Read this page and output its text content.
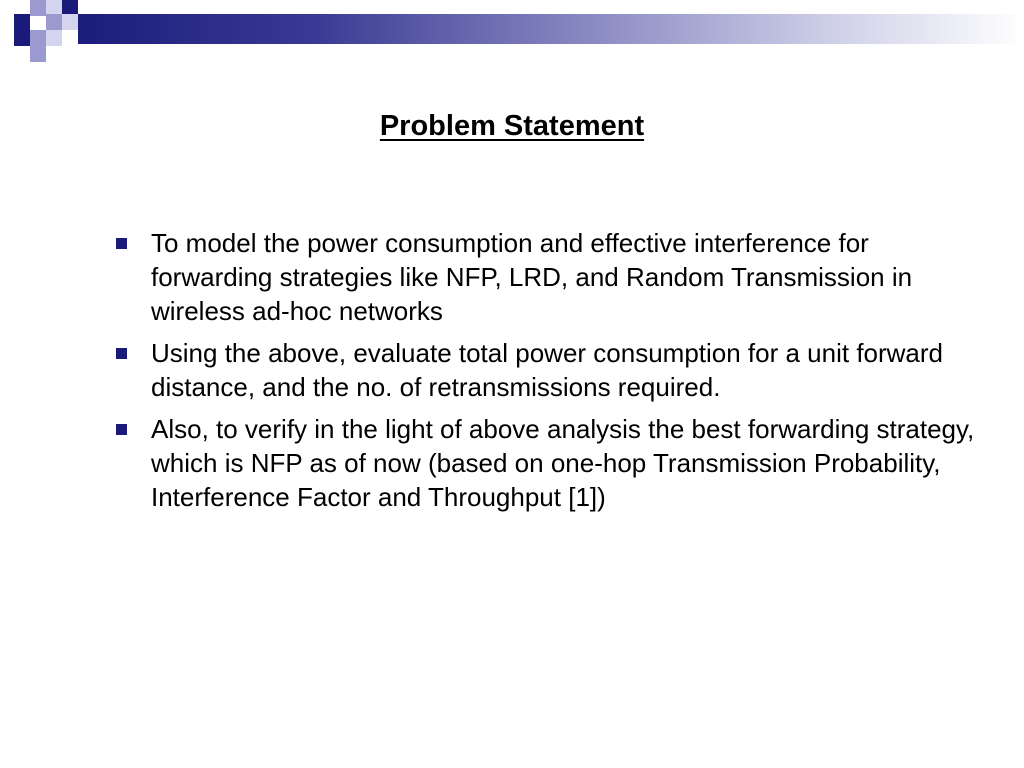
Problem Statement
To model the power consumption and effective interference for forwarding strategies like NFP, LRD, and Random Transmission in wireless ad-hoc networks
Using the above, evaluate total power consumption for a unit forward distance, and the no. of retransmissions required.
Also, to verify in the light of above analysis the best forwarding strategy, which is NFP as of now (based on one-hop Transmission Probability, Interference Factor and Throughput [1])
